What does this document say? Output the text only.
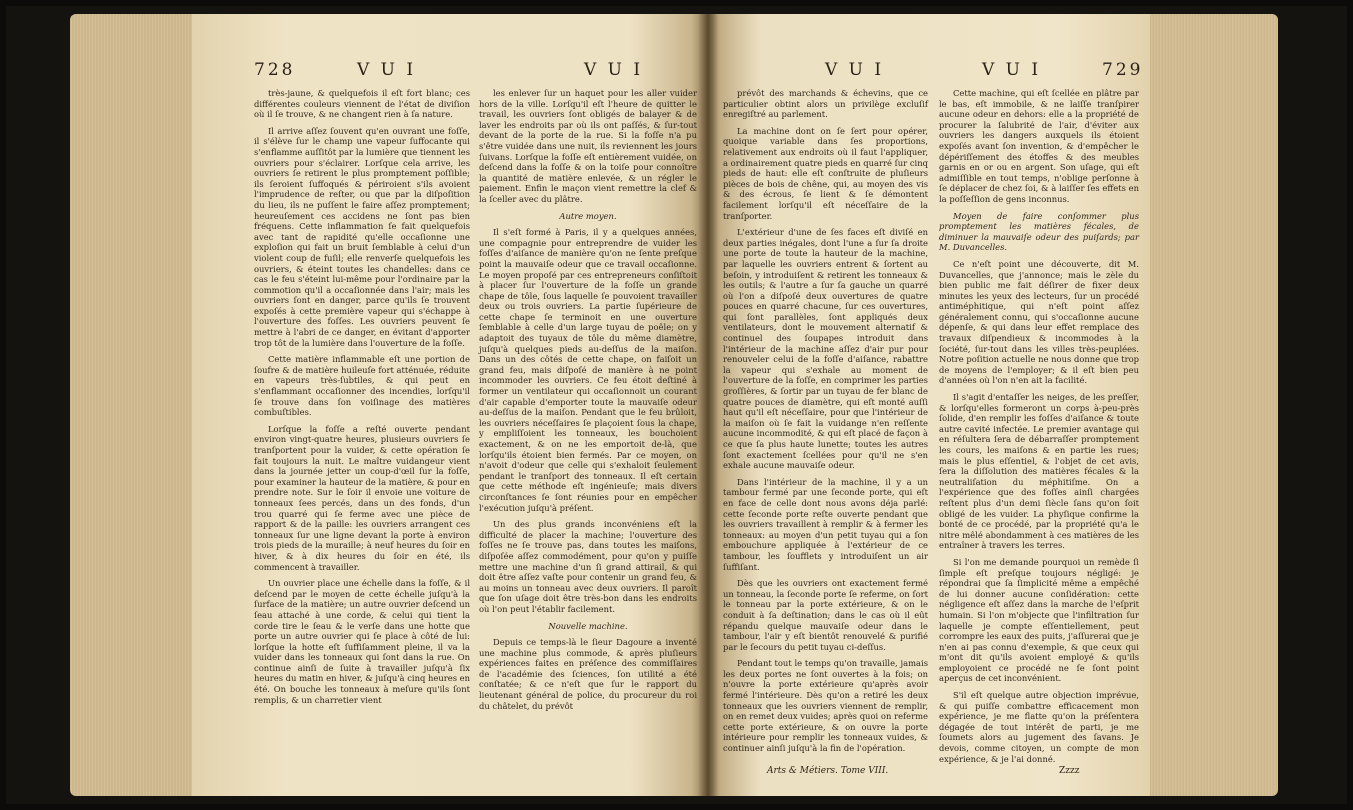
728	V U I	V U I

très-jaune, & quelquefois il eſt fort blanc; ces différentes couleurs viennent de l'état de diviſion où il ſe trouve, & ne changent rien à ſa nature.

Il arrive aſſez ſouvent qu'en ouvrant une foſſe, il s'élève ſur le champ une vapeur ſuffocante qui s'enflamme auſſitôt par la lumière que tiennent les ouvriers pour s'éclairer. Lorſque cela arrive, les ouvriers ſe retirent le plus promptement poſſible; ils ſeroient ſuffoqués & périroient s'ils avoient l'imprudence de reſter, ou que par la diſpoſition du lieu, ils ne puſſent le faire aſſez promptement; heureuſement ces accidens ne ſont pas bien fréquens. Cette inflammation ſe fait quelquefois avec tant de rapidité qu'elle occaſionne une exploſion qui fait un bruit ſemblable à celui d'un violent coup de fuſil; elle renverſe quelquefois les ouvriers, & éteint toutes les chandelles: dans ce cas le feu s'éteint lui-même pour l'ordinaire par la commotion qu'il a occaſionnée dans l'air; mais les ouvriers ſont en danger, parce qu'ils ſe trouvent expoſés à cette première vapeur qui s'échappe à l'ouverture des foſſes. Les ouvriers peuvent ſe mettre à l'abri de ce danger, en évitant d'apporter trop tôt de la lumière dans l'ouverture de la foſſe.

Cette matière inflammable eſt une portion de ſoufre & de matière huileuſe fort atténuée, réduite en vapeurs très-ſubtiles, & qui peut en s'enflammant occaſionner des incendies, lorſqu'il ſe trouve dans ſon voiſinage des matières combuſtibles.

Lorſque la foſſe a reſté ouverte pendant environ vingt-quatre heures, plusieurs ouvriers ſe tranſportent pour la vuider, & cette opération ſe fait toujours la nuit. Le maître vuidangeur vient dans la journée jetter un coup-d'œil ſur la foſſe, pour examiner la hauteur de la matière, & pour en prendre note. Sur le ſoir il envoie une voiture de tonneaux ſees percés, dans un des fonds, d'un trou quarré qui ſe ferme avec une pièce de rapport & de la paille: les ouvriers arrangent ces tonneaux ſur une ligne devant la porte à environ trois pieds de la muraille; à neuf heures du ſoir en hiver, & à dix heures du ſoir en été, ils commencent à travailler.

Un ouvrier place une échelle dans la foſſe, & il deſcend par le moyen de cette échelle juſqu'à la ſurface de la matière; un autre ouvrier deſcend un ſeau attaché à une corde, & celui qui tient la corde tire le ſeau & le verſe dans une hotte que porte un autre ouvrier qui ſe place à côté de lui: lorſque la hotte eſt ſuffiſamment pleine, il va la vuider dans les tonneaux qui ſont dans la rue. On continue ainſi de ſuite à travailler juſqu'à ſix heures du matin en hiver, & juſqu'à cinq heures en été. On bouche les tonneaux à meſure qu'ils ſont remplis, & un charretier vient

les enlever ſur un haquet pour les aller vuider hors de la ville. Lorſqu'il eſt l'heure de quitter le travail, les ouvriers ſont obligés de balayer & de laver les endroits par où ils ont paſſés, & ſur-tout devant de la porte de la rue. Si la foſſe n'a pu s'être vuidée dans une nuit, ils reviennent les jours ſuivans. Lorſque la foſſe eſt entièrement vuidée, on deſcend dans la foſſe & on la toiſe pour connoître la quantité de matière enlevée, & un régler le paiement. Enfin le maçon vient remettre la clef & la ſceller avec du plâtre.

Autre moyen.

Il s'eſt formé à Paris, il y a quelques années, une compagnie pour entreprendre de vuider les foſſes d'aiſance de manière qu'on ne ſente preſque point la mauvaiſe odeur que ce travail occaſionne. Le moyen propoſé par ces entrepreneurs conſiſtoit à placer ſur l'ouverture de la foſſe un grande chape de tôle, ſous laquelle ſe pouvoient travailler deux ou trois ouvriers. La partie ſupérieure de cette chape ſe terminoit en une ouverture ſemblable à celle d'un large tuyau de poêle; on y adaptoit des tuyaux de tôle du même diamètre, juſqu'à quelques pieds au-deſſus de la maiſon. Dans un des côtés de cette chape, on faiſoit un grand feu, mais diſpoſé de manière à ne point incommoder les ouvriers. Ce feu étoit deſtiné à former un ventilateur qui occaſionnoit un courant d'air capable d'emporter toute la mauvaiſe odeur au-deſſus de la maiſon. Pendant que le feu brûloit, les ouvriers néceſſaires ſe plaçoient ſous la chape, y empliſſoient les tonneaux, les bouchoient exactement, & on ne les emportoit de-là, que lorſqu'ils étoient bien fermés. Par ce moyen, on n'avoit d'odeur que celle qui s'exhaloit ſeulement pendant le tranſport des tonneaux. Il eſt certain que cette méthode eſt ingénieuſe; mais divers circonſtances ſe ſont réunies pour en empêcher l'exécution juſqu'à préſent.

Un des plus grands inconvéniens eſt la difficulté de placer la machine; l'ouverture des foſſes ne ſe trouve pas, dans toutes les maiſons, diſpoſée aſſez commodément, pour qu'on y puiſſe mettre une machine d'un ſi grand attirail, & qui doit être aſſez vaſte pour contenir un grand feu, & au moins un tonneau avec deux ouvriers. Il paroît que ſon uſage doit être très-bon dans les endroits où l'on peut l'établir facilement.

Nouvelle machine.

Depuis ce temps-là le ſieur Dagoure a inventé une machine plus commode, & après pluſieurs expériences faites en préſence des commiſſaires de l'académie des ſciences, ſon utilité a été conſtatée; & ce n'eſt que ſur le rapport du lieutenant général de police, du procureur du roi du châtelet, du prévôt

V U I	V U I	729

prévôt des marchands & échevins, que ce particulier obtint alors un privilège excluſif enregiſtré au parlement.

La machine dont on ſe ſert pour opérer, quoique variable dans ſes proportions, relativement aux endroits où il faut l'appliquer, a ordinairement quatre pieds en quarré ſur cinq pieds de haut: elle eſt conſtruite de pluſieurs pièces de bois de chêne, qui, au moyen des vis & des écrous, ſe lient & ſe démontent facilement lorſqu'il eſt néceſſaire de la tranſporter.

L'extérieur d'une de ſes faces eſt diviſé en deux parties inégales, dont l'une a ſur ſa droite une porte de toute la hauteur de la machine, par laquelle les ouvriers entrent & ſortent au beſoin, y introduiſent & retirent les tonneaux & les outils; & l'autre a ſur ſa gauche un quarré où l'on a diſpoſé deux ouvertures de quatre pouces en quarré chacune, ſur ces ouvertures, qui ſont parallèles, ſont appliqués deux ventilateurs, dont le mouvement alternatif & continuel des ſoupapes introduit dans l'intérieur de la machine aſſez d'air pur pour renouveler celui de la foſſe d'aiſance, rabattre la vapeur qui s'exhale au moment de l'ouverture de la foſſe, en comprimer les parties groſſières, & ſortir par un tuyau de fer blanc de quatre pouces de diamètre, qui eſt monté auſſi haut qu'il eſt néceſſaire, pour que l'intérieur de la maiſon où ſe fait la vuidange n'en reſſente aucune incommodité, & qui eſt placé de façon à ce que ſa plus haute lunette; toutes les autres ſont exactement ſcellées pour qu'il ne s'en exhale aucune mauvaiſe odeur.

Dans l'intérieur de la machine, il y a un tambour fermé par une ſeconde porte, qui eſt en face de celle dont nous avons déja parlé: cette ſeconde porte reſte ouverte pendant que les ouvriers travaillent à remplir & à fermer les tonneaux: au moyen d'un petit tuyau qui a ſon embouchure appliquée à l'extérieur de ce tambour, les ſoufflets y introduiſent un air ſuffiſant.

Dès que les ouvriers ont exactement fermé un tonneau, la ſeconde porte ſe referme, on ſort le tonneau par la porte extérieure, & on le conduit à ſa deſtination; dans le cas où il eût répandu quelque mauvaiſe odeur dans le tambour, l'air y eſt bientôt renouvelé & purifié par le ſecours du petit tuyau ci-deſſus.

Pendant tout le temps qu'on travaille, jamais les deux portes ne ſont ouvertes à la fois; on n'ouvre la porte extérieure qu'après avoir fermé l'intérieure. Dès qu'on a retiré les deux tonneaux que les ouvriers viennent de remplir, on en remet deux vuides; après quoi on referme cette porte extérieure, & on ouvre la porte intérieure pour remplir les tonneaux vuides, & continuer ainſi juſqu'à la fin de l'opération.

Arts & Métiers. Tome VIII.

Cette machine, qui eſt ſcellée en plâtre par le bas, eſt immobile, & ne laiſſe tranſpirer aucune odeur en dehors: elle a la propriété de procurer la ſalubrité de l'air, d'éviter aux ouvriers les dangers auxquels ils étoient expoſés avant ſon invention, & d'empêcher le dépériſſement des étoffes & des meubles garnis en or ou en argent. Son uſage, qui eſt admiſſible en tout temps, n'oblige perſonne à ſe déplacer de chez ſoi, & à laiſſer ſes effets en la poſſeſſion de gens inconnus.

Moyen de faire conſommer plus promptement les matières fécales, de diminuer la mauvaiſe odeur des puiſards; par M. Duvancelles.

Ce n'eſt point une découverte, dit M. Duvancelles, que j'annonce; mais le zèle du bien public me fait déſirer de fixer deux minutes les yeux des lecteurs, ſur un procédé antiméphitique, qui n'eſt point aſſez généralement connu, qui s'occaſionne aucune dépenſe, & qui dans leur effet remplace des travaux diſpendieux & incommodes à la ſociété, ſur-tout dans les villes très-peuplées. Notre poſition actuelle ne nous donne que trop de moyens de l'employer; & il eſt bien peu d'années où l'on n'en ait la facilité.

Il s'agit d'entaſſer les neiges, de les preſſer, & lorſqu'elles formeront un corps à-peu-près ſolide, d'en remplir les foſſes d'aiſance & toute autre cavité infectée. Le premier avantage qui en réſultera ſera de débarraſſer promptement les cours, les maiſons & en partie les rues; mais le plus eſſentiel, & l'objet de cet avis, ſera la diſſolution des matières fécales & la neutraliſation du méphitiſme. On a l'expérience que des foſſes ainſi chargées reſtent plus d'un demi ſiècle ſans qu'on ſoit obligé de les vuider. La phyſique confirme la bonté de ce procédé, par la propriété qu'a le nitre mêlé abondamment à ces matières de les entraîner à travers les terres.

Si l'on me demande pourquoi un remède ſi ſimple eſt preſque toujours négligé: je répondrai que ſa ſimplicité même a empêché de lui donner aucune conſidération: cette négligence eſt aſſez dans la marche de l'eſprit humain. Si l'on m'objecte que l'infiltration ſur laquelle je compte eſſentiellement, peut corrompre les eaux des puits, j'aſſurerai que je n'en ai pas connu d'exemple, & que ceux qui m'ont dit qu'ils avoient employé & qu'ils employoient ce procédé ne ſe ſont point aperçus de cet inconvénient.

S'il eſt quelque autre objection imprévue, & qui puiſſe combattre efficacement mon expérience, je me flatte qu'on la préſentera dégagée de tout intérêt de parti, je me ſoumets alors au jugement des ſavans. Je devois, comme citoyen, un compte de mon expérience, & je l'ai donné.

Zzzz
